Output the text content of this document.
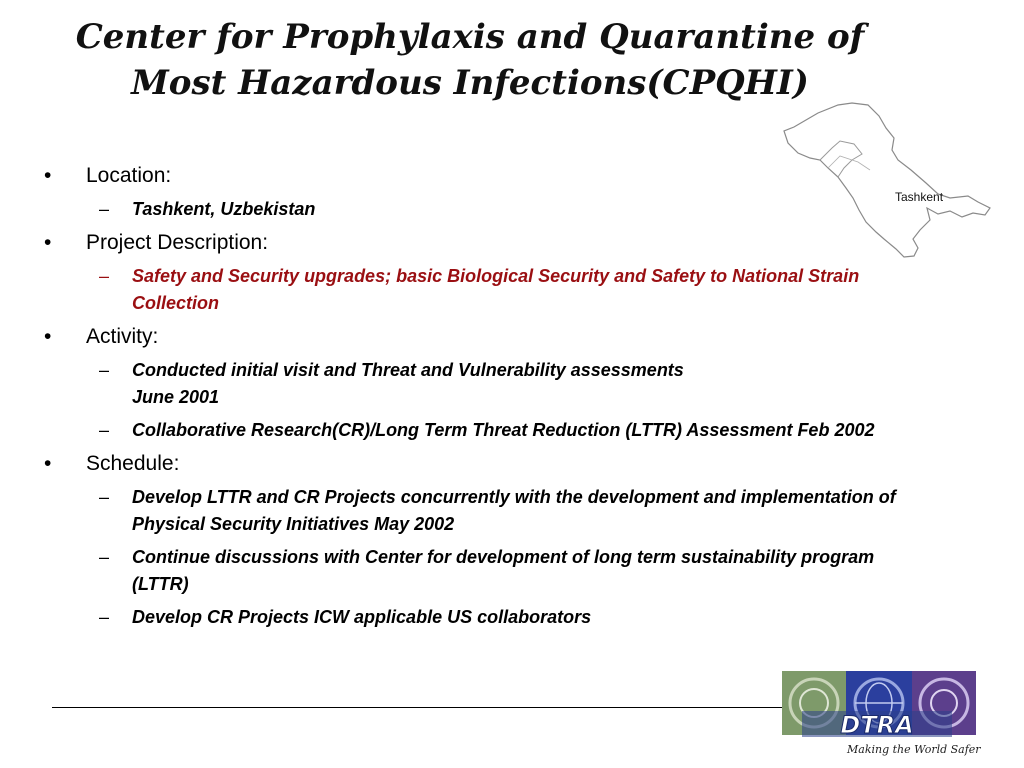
Center for Prophylaxis and Quarantine of
Most Hazardous Infections(CPQHI)
Tashkent
• Location:
– Tashkent, Uzbekistan
• Project Description:
– Safety and Security upgrades; basic Biological Security and Safety to National Strain Collection
• Activity:
– Conducted initial visit and Threat and Vulnerability assessments
June 2001
– Collaborative Research(CR)/Long Term Threat Reduction (LTTR) Assessment Feb 2002
• Schedule:
– Develop LTTR and CR Projects concurrently with the development and implementation of Physical Security Initiatives May 2002
– Continue discussions with Center for development of long term sustainability program (LTTR)
– Develop CR Projects ICW applicable US collaborators
DTRA
Making the World Safer
